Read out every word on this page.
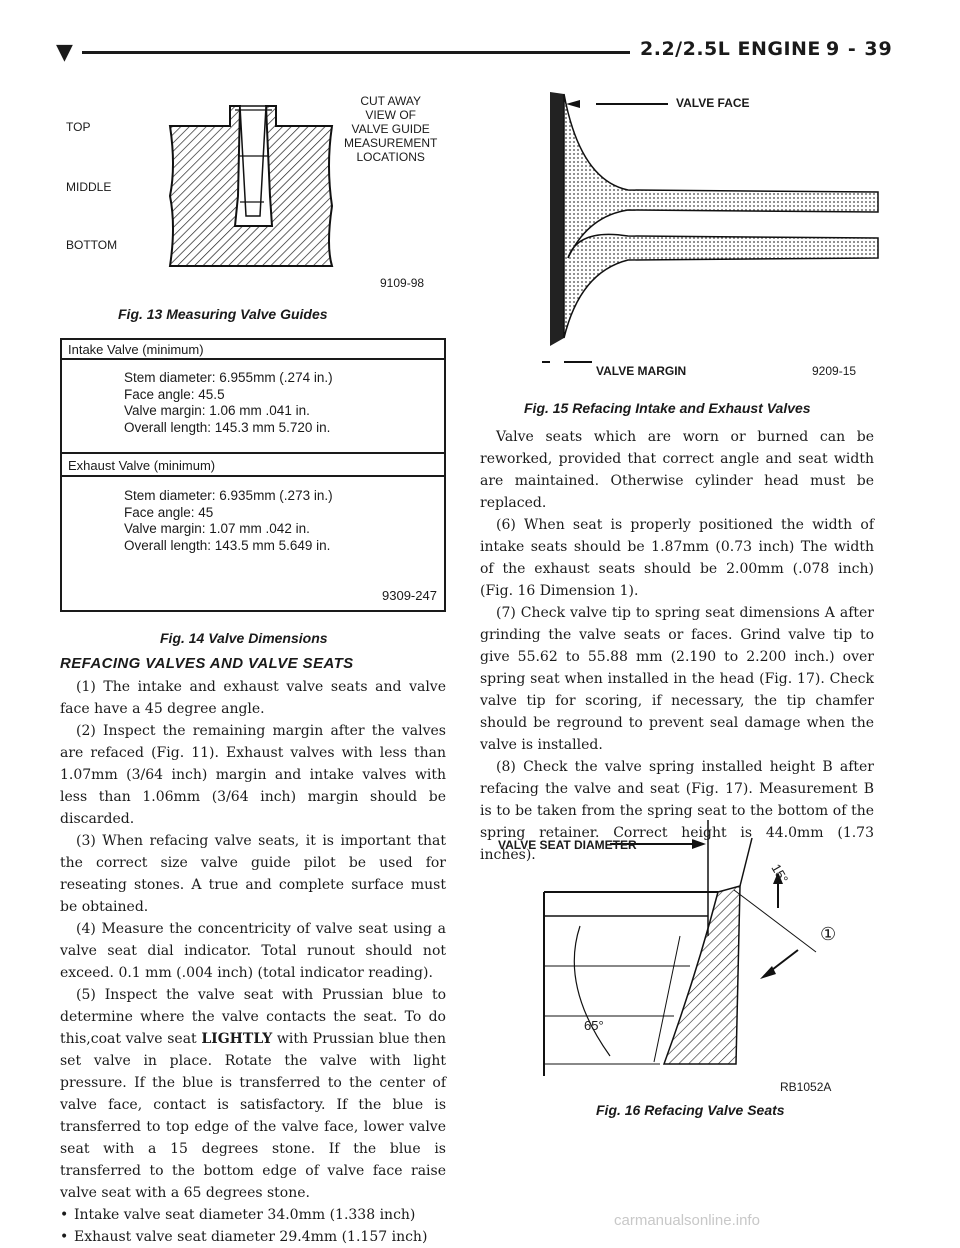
▼	2.2/2.5L ENGINE 9 - 39
TOP
MIDDLE
BOTTOM
CUT AWAY
VIEW OF
VALVE GUIDE
MEASUREMENT
LOCATIONS
9109-98
Fig. 13 Measuring Valve Guides
Intake Valve (minimum)
Stem diameter: 6.955mm (.274 in.)
Face angle: 45.5
Valve margin: 1.06 mm .041 in.
Overall length: 145.3 mm 5.720 in.
Exhaust Valve (minimum)
Stem diameter: 6.935mm (.273 in.)
Face angle: 45
Valve margin: 1.07 mm .042 in.
Overall length: 143.5 mm 5.649 in.
9309-247
Fig. 14 Valve Dimensions
REFACING VALVES AND VALVE SEATS

(1) The intake and exhaust valve seats and valve face have a 45 degree angle.

(2) Inspect the remaining margin after the valves are refaced (Fig. 11). Exhaust valves with less than 1.07mm (3/64 inch) margin and intake valves with less than 1.06mm (3/64 inch) margin should be discarded.

(3) When refacing valve seats, it is important that the correct size valve guide pilot be used for reseating stones. A true and complete surface must be obtained.

(4) Measure the concentricity of valve seat using a valve seat dial indicator. Total runout should not exceed. 0.1 mm (.004 inch) (total indicator reading).

(5) Inspect the valve seat with Prussian blue to determine where the valve contacts the seat. To do this,coat valve seat LIGHTLY with Prussian blue then set valve in place. Rotate the valve with light pressure. If the blue is transferred to the center of valve face, contact is satisfactory. If the blue is transferred to top edge of the valve face, lower valve seat with a 15 degrees stone. If the blue is transferred to the bottom edge of valve face raise valve seat with a 65 degrees stone.

• Intake valve seat diameter 34.0mm (1.338 inch)

• Exhaust valve seat diameter 29.4mm (1.157 inch)

VALVE FACE
VALVE MARGIN	9209-15
Fig. 15 Refacing Intake and Exhaust Valves

Valve seats which are worn or burned can be reworked, provided that correct angle and seat width are maintained. Otherwise cylinder head must be replaced.

(6) When seat is properly positioned the width of intake seats should be 1.87mm (0.73 inch) The width of the exhaust seats should be 2.00mm (.078 inch) (Fig. 16 Dimension 1).

(7) Check valve tip to spring seat dimensions A after grinding the valve seats or faces. Grind valve tip to give 55.62 to 55.88 mm (2.190 to 2.200 inch.) over spring seat when installed in the head (Fig. 17). Check valve tip for scoring, if necessary, the tip chamfer should be reground to prevent seal damage when the valve is installed.

(8) Check the valve spring installed height B after refacing the valve and seat (Fig. 17). Measurement B is to be taken from the spring seat to the bottom of the spring retainer. Correct height is 44.0mm (1.73 inches).

VALVE SEAT DIAMETER
15°
65°
①
RB1052A
Fig. 16 Refacing Valve Seats
carmanualsonline.info
